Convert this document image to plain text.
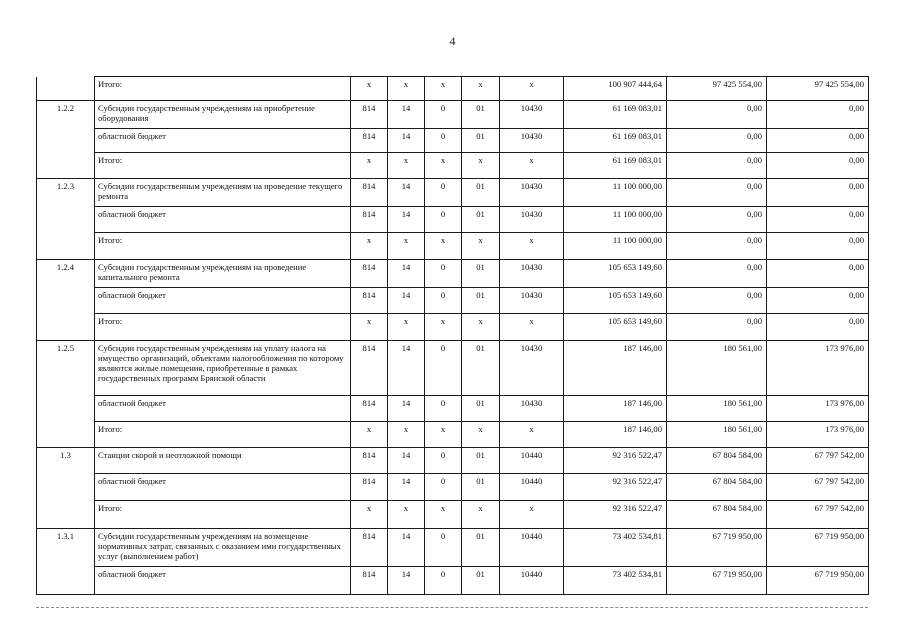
4
	Итого:	х	х	х	х	х	100 907 444,64	97 425 554,00	97 425 554,00
1.2.2	Субсидии государственным учреждениям на приобретение оборудования	814	14	0	01	10430	61 169 083,01	0,00	0,00
	областной бюджет	814	14	0	01	10430	61 169 083,01	0,00	0,00
	Итого:	х	х	х	х	х	61 169 083,01	0,00	0,00
1.2.3	Субсидии государственным учреждениям на проведение текущего ремонта	814	14	0	01	10430	11 100 000,00	0,00	0,00
	областной бюджет	814	14	0	01	10430	11 100 000,00	0,00	0,00
	Итого:	х	х	х	х	х	11 100 000,00	0,00	0,00
1.2.4	Субсидии государственным учреждениям на проведение капитального ремонта	814	14	0	01	10430	105 653 149,60	0,00	0,00
	областной бюджет	814	14	0	01	10430	105 653 149,60	0,00	0,00
	Итого:	х	х	х	х	х	105 653 149,60	0,00	0,00
1.2.5	Субсидии государственным учреждениям на уплату налога на имущество организаций, объектами налогообложения по которому являются жилые помещения, приобретенные в рамках государственных программ Брянской области	814	14	0	01	10430	187 146,00	180 561,00	173 976,00
	областной бюджет	814	14	0	01	10430	187 146,00	180 561,00	173 976,00
	Итого:	х	х	х	х	х	187 146,00	180 561,00	173 976,00
1.3	Станции скорой и неотложной помощи	814	14	0	01	10440	92 316 522,47	67 804 584,00	67 797 542,00
	областной бюджет	814	14	0	01	10440	92 316 522,47	67 804 584,00	67 797 542,00
	Итого:	х	х	х	х	х	92 316 522,47	67 804 584,00	67 797 542,00
1.3.1	Субсидии государственным учреждениям на возмещение нормативных затрат, связанных с оказанием ими государственных услуг (выполнением работ)	814	14	0	01	10440	73 402 534,81	67 719 950,00	67 719 950,00
	областной бюджет	814	14	0	01	10440	73 402 534,81	67 719 950,00	67 719 950,00
